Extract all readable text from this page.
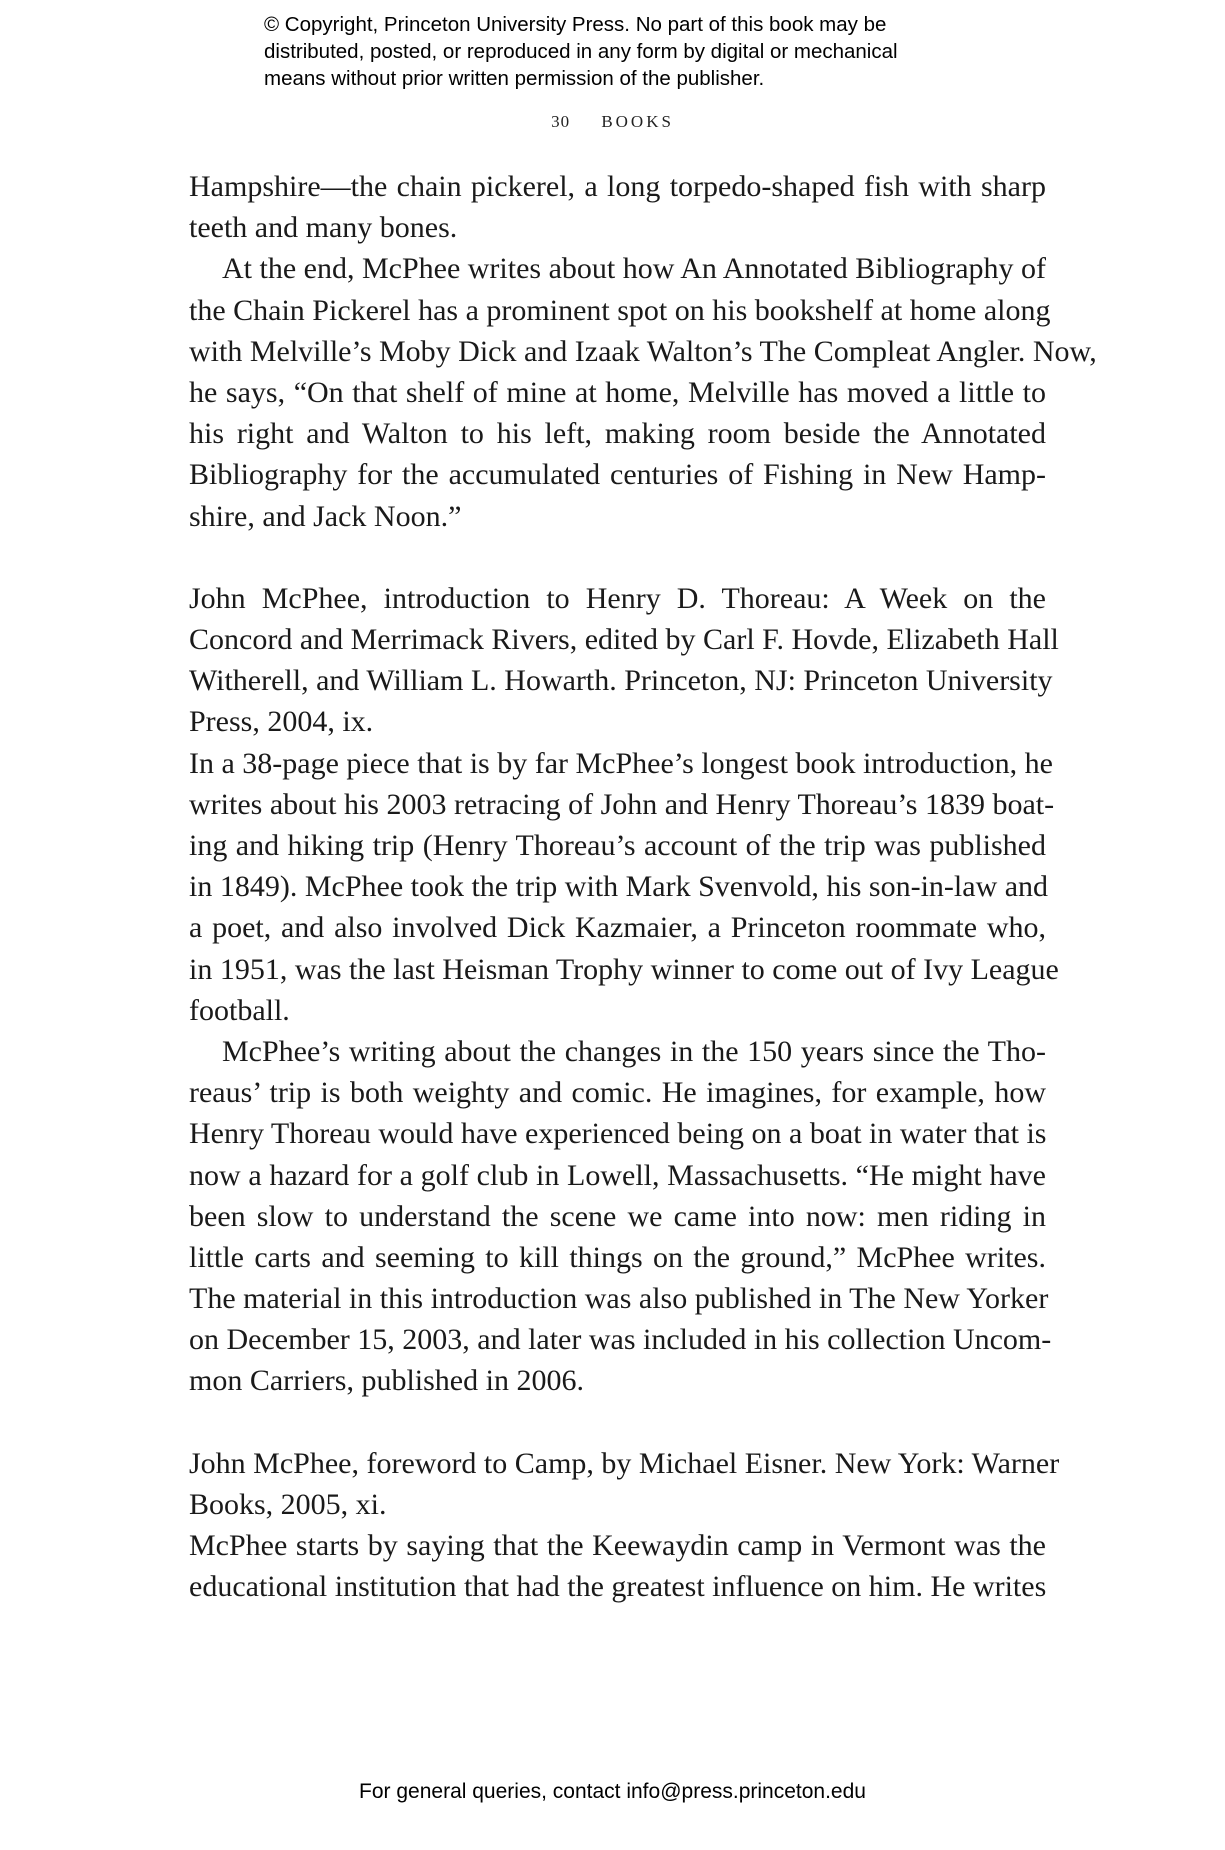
© Copyright, Princeton University Press. No part of this book may be
distributed, posted, or reproduced in any form by digital or mechanical
means without prior written permission of the publisher.
30 BOOKS
Hampshire—the chain pickerel, a long torpedo-shaped fish with sharp
teeth and many bones.
At the end, McPhee writes about how An Annotated Bibliography of
the Chain Pickerel has a prominent spot on his bookshelf at home along
with Melville’s Moby Dick and Izaak Walton’s The Compleat Angler. Now,
he says, “On that shelf of mine at home, Melville has moved a little to
his right and Walton to his left, making room beside the Annotated
Bibliography for the accumulated centuries of Fishing in New Hamp-
shire, and Jack Noon.”
John McPhee, introduction to Henry D. Thoreau: A Week on the
Concord and Merrimack Rivers, edited by Carl F. Hovde, Elizabeth Hall
Witherell, and William L. Howarth. Princeton, NJ: Princeton University
Press, 2004, ix.
In a 38-page piece that is by far McPhee’s longest book introduction, he
writes about his 2003 retracing of John and Henry Thoreau’s 1839 boat-
ing and hiking trip (Henry Thoreau’s account of the trip was published
in 1849). McPhee took the trip with Mark Svenvold, his son-in-law and
a poet, and also involved Dick Kazmaier, a Princeton roommate who,
in 1951, was the last Heisman Trophy winner to come out of Ivy League
football.
McPhee’s writing about the changes in the 150 years since the Tho-
reaus’ trip is both weighty and comic. He imagines, for example, how
Henry Thoreau would have experienced being on a boat in water that is
now a hazard for a golf club in Lowell, Massachusetts. “He might have
been slow to understand the scene we came into now: men riding in
little carts and seeming to kill things on the ground,” McPhee writes.
The material in this introduction was also published in The New Yorker
on December 15, 2003, and later was included in his collection Uncom-
mon Carriers, published in 2006.
John McPhee, foreword to Camp, by Michael Eisner. New York: Warner
Books, 2005, xi.
McPhee starts by saying that the Keewaydin camp in Vermont was the
educational institution that had the greatest influence on him. He writes
For general queries, contact info@press.princeton.edu
